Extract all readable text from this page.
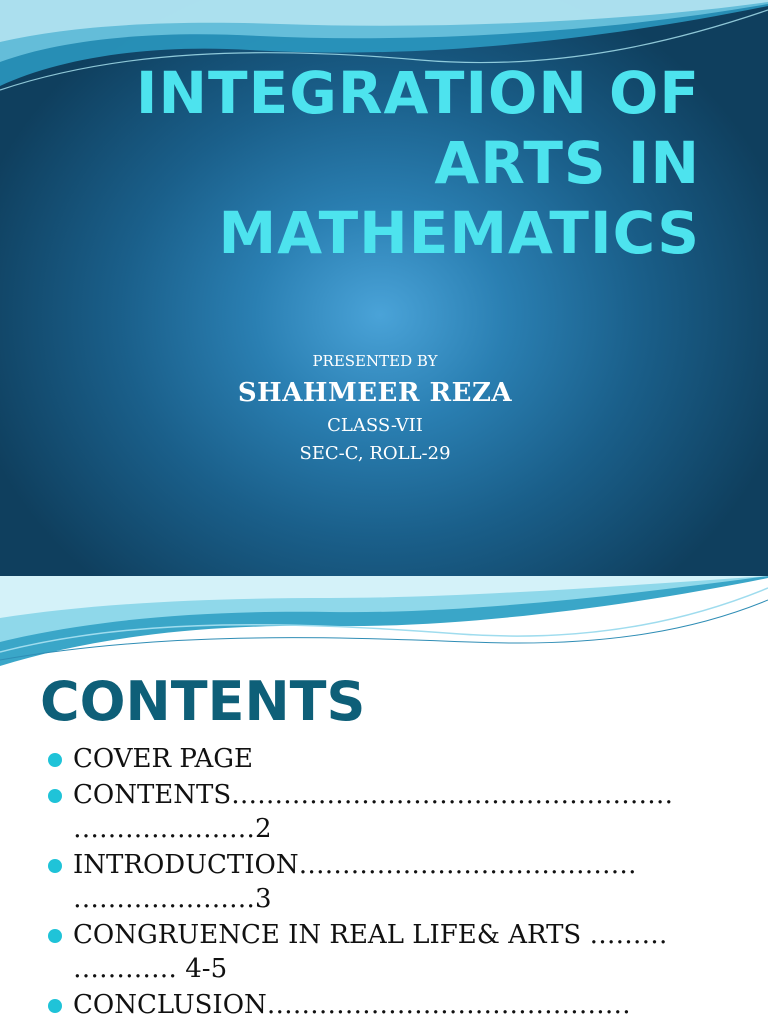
INTEGRATION OF
ARTS IN
MATHEMATICS
PRESENTED BY
SHAHMEER REZA
CLASS-VII
SEC-C, ROLL-29
CONTENTS
COVER PAGE
CONTENTS……………………………………………
…………………2
INTRODUCTION…………………………………
…………………3
CONGRUENCE IN REAL LIFE& ARTS ………
………… 4-5
CONCLUSION……………………………………
